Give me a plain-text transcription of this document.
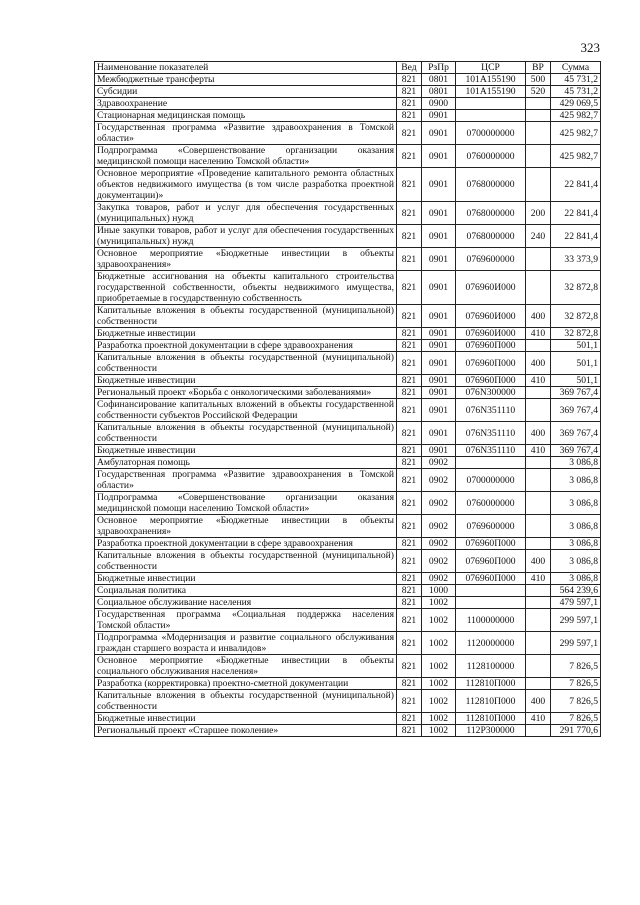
323
Наименование показателей	Вед	РзПр	ЦСР	ВР	Сумма
Межбюджетные трансферты	821	0801	101A155190	500	45 731,2
Субсидии	821	0801	101A155190	520	45 731,2
Здравоохранение	821	0900			429 069,5
Стационарная медицинская помощь	821	0901			425 982,7
Государственная программа «Развитие здравоохранения в Томской области»	821	0901	0700000000		425 982,7
Подпрограмма «Совершенствование организации оказания медицинской помощи населению Томской области»	821	0901	0760000000		425 982,7
Основное мероприятие «Проведение капитального ремонта областных объектов недвижимого имущества (в том числе разработка проектной документации)»	821	0901	0768000000		22 841,4
Закупка товаров, работ и услуг для обеспечения государственных (муниципальных) нужд	821	0901	0768000000	200	22 841,4
Иные закупки товаров, работ и услуг для обеспечения государственных (муниципальных) нужд	821	0901	0768000000	240	22 841,4
Основное мероприятие «Бюджетные инвестиции в объекты здравоохранения»	821	0901	0769600000		33 373,9
Бюджетные ассигнования на объекты капитального строительства государственной собственности, объекты недвижимого имущества, приобретаемые в государственную собственность	821	0901	076960И000		32 872,8
Капитальные вложения в объекты государственной (муниципальной) собственности	821	0901	076960И000	400	32 872,8
Бюджетные инвестиции	821	0901	076960И000	410	32 872,8
Разработка проектной документации в сфере здравоохранения	821	0901	076960П000		501,1
Капитальные вложения в объекты государственной (муниципальной) собственности	821	0901	076960П000	400	501,1
Бюджетные инвестиции	821	0901	076960П000	410	501,1
Региональный проект «Борьба с онкологическими заболеваниями»	821	0901	076N300000		369 767,4
Софинансирование капитальных вложений в объекты государственной собственности субъектов Российской Федерации	821	0901	076N351110		369 767,4
Капитальные вложения в объекты государственной (муниципальной) собственности	821	0901	076N351110	400	369 767,4
Бюджетные инвестиции	821	0901	076N351110	410	369 767,4
Амбулаторная помощь	821	0902			3 086,8
Государственная программа «Развитие здравоохранения в Томской области»	821	0902	0700000000		3 086,8
Подпрограмма «Совершенствование организации оказания медицинской помощи населению Томской области»	821	0902	0760000000		3 086,8
Основное мероприятие «Бюджетные инвестиции в объекты здравоохранения»	821	0902	0769600000		3 086,8
Разработка проектной документации в сфере здравоохранения	821	0902	076960П000		3 086,8
Капитальные вложения в объекты государственной (муниципальной) собственности	821	0902	076960П000	400	3 086,8
Бюджетные инвестиции	821	0902	076960П000	410	3 086,8
Социальная политика	821	1000			564 239,6
Социальное обслуживание населения	821	1002			479 597,1
Государственная программа «Социальная поддержка населения Томской области»	821	1002	1100000000		299 597,1
Подпрограмма «Модернизация и развитие социального обслуживания граждан старшего возраста и инвалидов»	821	1002	1120000000		299 597,1
Основное мероприятие «Бюджетные инвестиции в объекты социального обслуживания населения»	821	1002	1128100000		7 826,5
Разработка (корректировка) проектно-сметной документации	821	1002	112810П000		7 826,5
Капитальные вложения в объекты государственной (муниципальной) собственности	821	1002	112810П000	400	7 826,5
Бюджетные инвестиции	821	1002	112810П000	410	7 826,5
Региональный проект «Старшее поколение»	821	1002	112P300000		291 770,6
